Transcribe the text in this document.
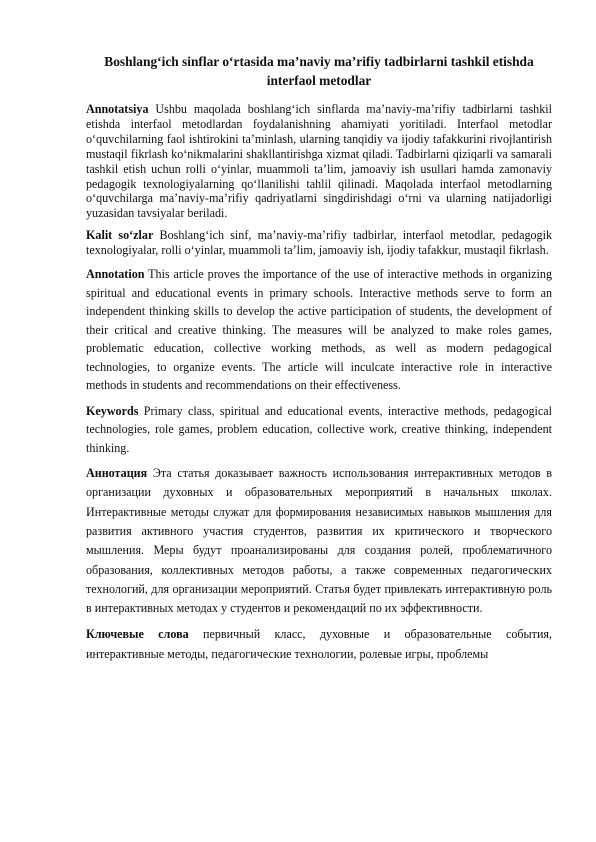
Boshlang‘ich sinflar o‘rtasida ma’naviy ma’rifiy tadbirlarni tashkil etishda interfaol metodlar

Annotatsiya Ushbu maqolada boshlang‘ich sinflarda ma’naviy-ma’rifiy tadbirlarni tashkil etishda interfaol metodlardan foydalanishning ahamiyati yoritiladi. Interfaol metodlar o‘quvchilarning faol ishtirokini ta’minlash, ularning tanqidiy va ijodiy tafakkurini rivojlantirish mustaqil fikrlash ko‘nikmalarini shakllantirishga xizmat qiladi. Tadbirlarni qiziqarli va samarali tashkil etish uchun rolli o‘yinlar, muammoli ta’lim, jamoaviy ish usullari hamda zamonaviy pedagogik texnologiyalarning qo‘llanilishi tahlil qilinadi. Maqolada interfaol metodlarning o‘quvchilarga ma’naviy-ma’rifiy qadriyatlarni singdirishdagi o‘rni va ularning natijadorligi yuzasidan tavsiyalar beriladi.

Kalit so‘zlar Boshlang‘ich sinf, ma’naviy-ma’rifiy tadbirlar, interfaol metodlar, pedagogik texnologiyalar, rolli o‘yinlar, muammoli ta’lim, jamoaviy ish, ijodiy tafakkur, mustaqil fikrlash.

Annotation This article proves the importance of the use of interactive methods in organizing spiritual and educational events in primary schools. Interactive methods serve to form an independent thinking skills to develop the active participation of students, the development of their critical and creative thinking. The measures will be analyzed to make roles games, problematic education, collective working methods, as well as modern pedagogical technologies, to organize events. The article will inculcate interactive role in interactive methods in students and recommendations on their effectiveness.

Keywords Primary class, spiritual and educational events, interactive methods, pedagogical technologies, role games, problem education, collective work, creative thinking, independent thinking.

Аннотация Эта статья доказывает важность использования интерактивных методов в организации духовных и образовательных мероприятий в начальных школах. Интерактивные методы служат для формирования независимых навыков мышления для развития активного участия студентов, развития их критического и творческого мышления. Меры будут проанализированы для создания ролей, проблематичного образования, коллективных методов работы, а также современных педагогических технологий, для организации мероприятий. Статья будет привлекать интерактивную роль в интерактивных методах у студентов и рекомендаций по их эффективности.

Ключевые слова первичный класс, духовные и образовательные события, интерактивные методы, педагогические технологии, ролевые игры, проблемы
